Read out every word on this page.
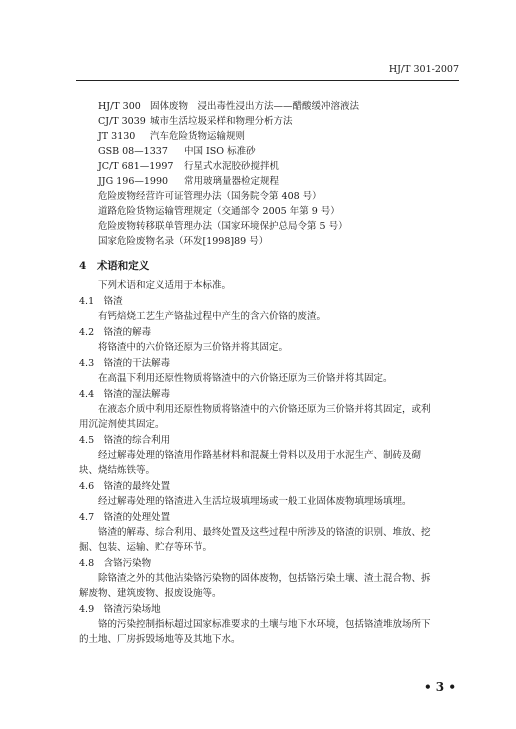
HJ/T 301-2007
HJ/T 300 固体废物　浸出毒性浸出方法——醋酸缓冲溶液法
CJ/T 3039 城市生活垃圾采样和物理分析方法
JT 3130 汽车危险货物运输规则
GSB 08—1337 中国 ISO 标准砂
JC/T 681—1997 行星式水泥胶砂搅拌机
JJG 196—1990 常用玻璃量器检定规程
危险废物经营许可证管理办法（国务院令第 408 号）
道路危险货物运输管理规定（交通部令 2005 年第 9 号）
危险废物转移联单管理办法（国家环境保护总局令第 5 号）
国家危险废物名录（环发[1998]89 号）
4　 术语和定义
下列术语和定义适用于本标准。
4.1　 铬渣
有钙焙烧工艺生产铬盐过程中产生的含六价铬的废渣。
4.2　 铬渣的解毒
将铬渣中的六价铬还原为三价铬并将其固定。
4.3　 铬渣的干法解毒
在高温下利用还原性物质将铬渣中的六价铬还原为三价铬并将其固定。
4.4　 铬渣的湿法解毒
在液态介质中利用还原性物质将铬渣中的六价铬还原为三价铬并将其固定，或利
用沉淀剂使其固定。
4.5　 铬渣的综合利用
经过解毒处理的铬渣用作路基材料和混凝土骨料以及用于水泥生产、制砖及砌
块、烧结炼铁等。
4.6　 铬渣的最终处置
经过解毒处理的铬渣进入生活垃圾填埋场或一般工业固体废物填埋场填埋。
4.7　 铬渣的处理处置
铬渣的解毒、综合利用、最终处置及这些过程中所涉及的铬渣的识别、堆放、挖
掘、包装、运输、贮存等环节。
4.8　 含铬污染物
除铬渣之外的其他沾染铬污染物的固体废物，包括铬污染土壤、渣土混合物、拆
解废物、建筑废物、报废设施等。
4.9　 铬渣污染场地
铬的污染控制指标超过国家标准要求的土壤与地下水环境，包括铬渣堆放场所下
的土地、厂房拆毁场地等及其地下水。
• 3 •
